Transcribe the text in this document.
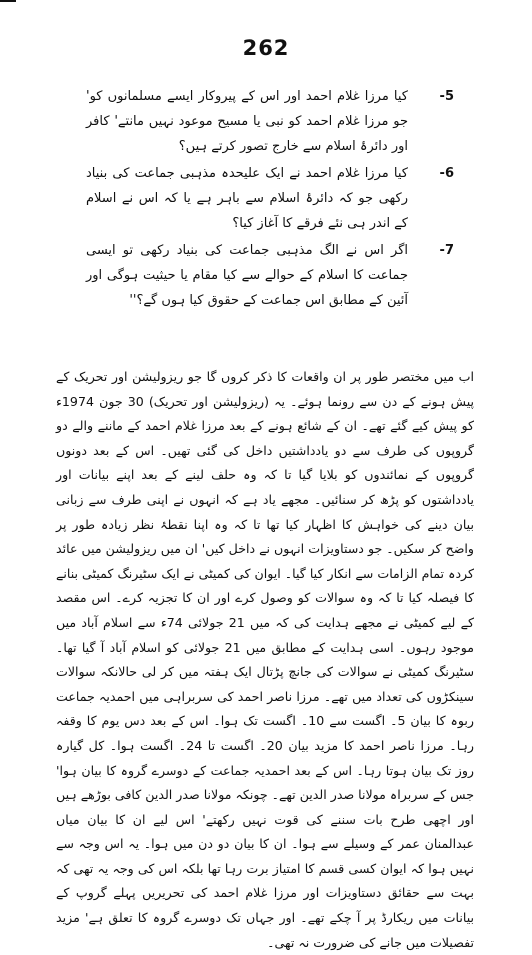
262
-5
کیا مرزا غلام احمد اور اس کے پیروکار ایسے مسلمانوں کو' جو مرزا غلام احمد کو نبی یا مسیح موعود نہیں مانتے' کافر اور دائرۂ اسلام سے خارج تصور کرتے ہیں؟
-6
کیا مرزا غلام احمد نے ایک علیحدہ مذہبی جماعت کی بنیاد رکھی جو کہ دائرۂ اسلام سے باہر ہے یا کہ اس نے اسلام کے اندر ہی نئے فرقے کا آغاز کیا؟
-7
اگر اس نے الگ مذہبی جماعت کی بنیاد رکھی تو ایسی جماعت کا اسلام کے حوالے سے کیا مقام یا حیثیت ہوگی اور آئین کے مطابق اس جماعت کے حقوق کیا ہوں گے؟''
اب میں مختصر طور پر ان واقعات کا ذکر کروں گا جو ریزولیشن اور تحریک کے پیش ہونے کے دن سے رونما ہوئے۔ یہ (ریزولیشن اور تحریک) 30 جون 1974ء کو پیش کیے گئے تھے۔ ان کے شائع ہونے کے بعد مرزا غلام احمد کے ماننے والے دو گروپوں کی طرف سے دو یادداشتیں داخل کی گئی تھیں۔ اس کے بعد دونوں گروپوں کے نمائندوں کو بلایا گیا تا کہ وہ حلف لینے کے بعد اپنے بیانات اور یادداشتوں کو پڑھ کر سنائیں۔ مجھے یاد ہے کہ انہوں نے اپنی طرف سے زبانی بیان دینے کی خواہش کا اظہار کیا تھا تا کہ وہ اپنا نقطۂ نظر زیادہ طور پر واضح کر سکیں۔ جو دستاویزات انہوں نے داخل کیں' ان میں ریزولیشن میں عائد کردہ تمام الزامات سے انکار کیا گیا۔ ایوان کی کمیٹی نے ایک سٹیرنگ کمیٹی بنانے کا فیصلہ کیا تا کہ وہ سوالات کو وصول کرے اور ان کا تجزیہ کرے۔ اس مقصد کے لیے کمیٹی نے مجھے ہدایت کی کہ میں 21 جولائی 74ء سے اسلام آباد میں موجود رہوں۔ اسی ہدایت کے مطابق میں 21 جولائی کو اسلام آباد آ گیا تھا۔ سٹیرنگ کمیٹی نے سوالات کی جانچ پڑتال ایک ہفتہ میں کر لی حالانکہ سوالات سینکڑوں کی تعداد میں تھے۔ مرزا ناصر احمد کی سربراہی میں احمدیہ جماعت ربوہ کا بیان 5۔ اگست سے 10۔ اگست تک ہوا۔ اس کے بعد دس یوم کا وقفہ رہا۔ مرزا ناصر احمد کا مزید بیان 20۔ اگست تا 24۔ اگست ہوا۔ کل گیارہ روز تک بیان ہوتا رہا۔ اس کے بعد احمدیہ جماعت کے دوسرے گروہ کا بیان ہوا' جس کے سربراہ مولانا صدر الدین تھے۔ چونکہ مولانا صدر الدین کافی بوڑھے ہیں اور اچھی طرح بات سننے کی قوت نہیں رکھتے' اس لیے ان کا بیان میاں عبدالمنان عمر کے وسیلے سے ہوا۔ ان کا بیان دو دن میں ہوا۔ یہ اس وجہ سے نہیں ہوا کہ ایوان کسی قسم کا امتیاز برت رہا تھا بلکہ اس کی وجہ یہ تھی کہ بہت سے حقائق دستاویزات اور مرزا غلام احمد کی تحریریں پہلے گروپ کے بیانات میں ریکارڈ پر آ چکے تھے۔ اور جہاں تک دوسرے گروہ کا تعلق ہے' مزید تفصیلات میں جانے کی ضرورت نہ تھی۔
